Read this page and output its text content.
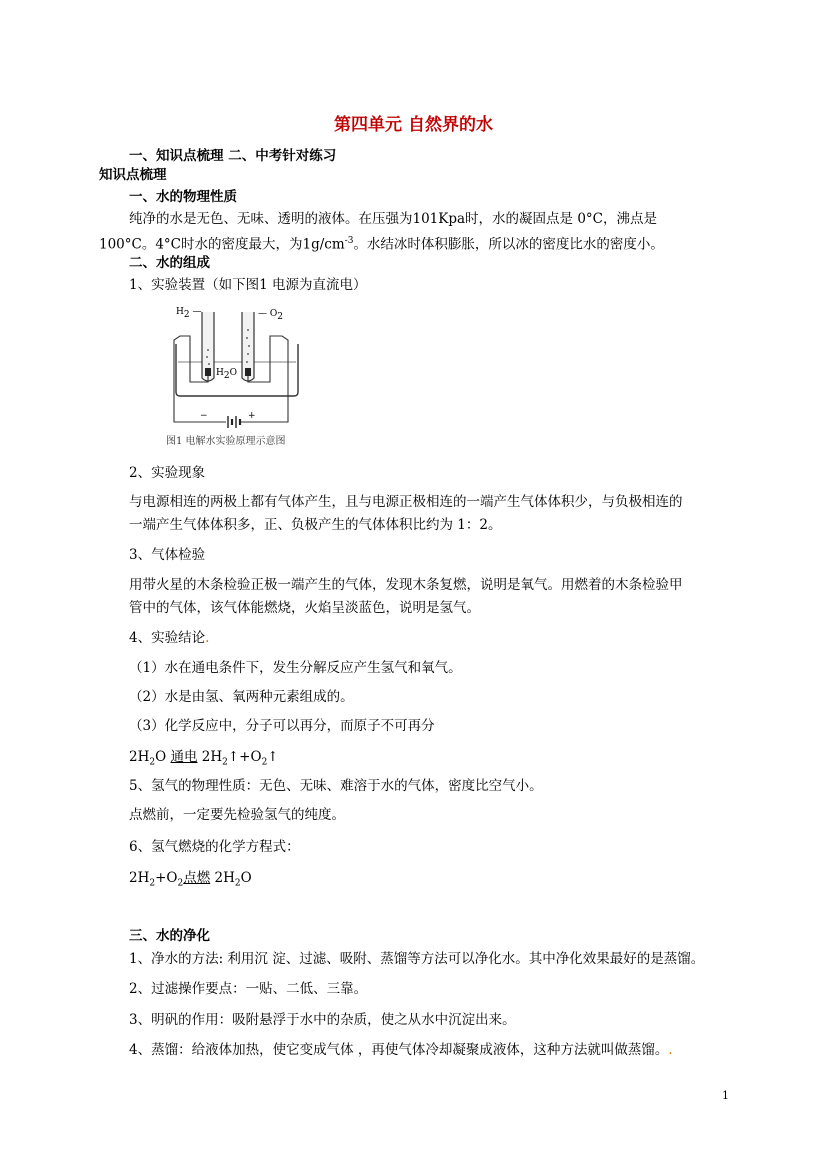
第四单元 自然界的水
一、知识点梳理 二、中考针对练习
知识点梳理
一、水的物理性质
纯净的水是无色、无味、透明的液体。在压强为101Kpa时，水的凝固点是 0°C，沸点是
100°C。4°C时水的密度最大，为$1g/cm^{-3}$。水结冰时体积膨胀，所以冰的密度比水的密度小。
二、水的组成
1、实验装置（如下图1 电源为直流电）
$H_2$ —	— $O_2$
$H_2O$
−	+
图1 电解水实验原理示意图
2、实验现象
与电源相连的两极上都有气体产生，且与电源正极相连的一端产生气体体积少，与负极相连的
一端产生气体体积多，正、负极产生的气体体积比约为 1：2。
3、气体检验
用带火星的木条检验正极一端产生的气体，发现木条复燃，说明是氧气。用燃着的木条检验甲
管中的气体，该气体能燃烧，火焰呈淡蓝色，说明是氢气。
4、实验结论.
（1）水在通电条件下，发生分解反应产生氢气和氧气。
（2）水是由氢、氧两种元素组成的。
（3）化学反应中，分子可以再分，而原子不可再分
$2H_2O$ 通电 $2H_2↑+O_2↑$
5、氢气的物理性质：无色、无味、难溶于水的气体，密度比空气小。
点燃前，一定要先检验氢气的纯度。
6、氢气燃烧的化学方程式：
$2H_2+O_2$点燃 $2H_2O$
三、水的净化
1、净水的方法: 利用沉 淀、过滤、吸附、蒸馏等方法可以净化水。其中净化效果最好的是蒸馏。
2、过滤操作要点：一贴、二低、三靠。
3、明矾的作用：吸附悬浮于水中的杂质，使之从水中沉淀出来。
4、蒸馏：给液体加热，使它变成气体 ，再使气体冷却凝聚成液体，这种方法就叫做蒸馏。.
1
